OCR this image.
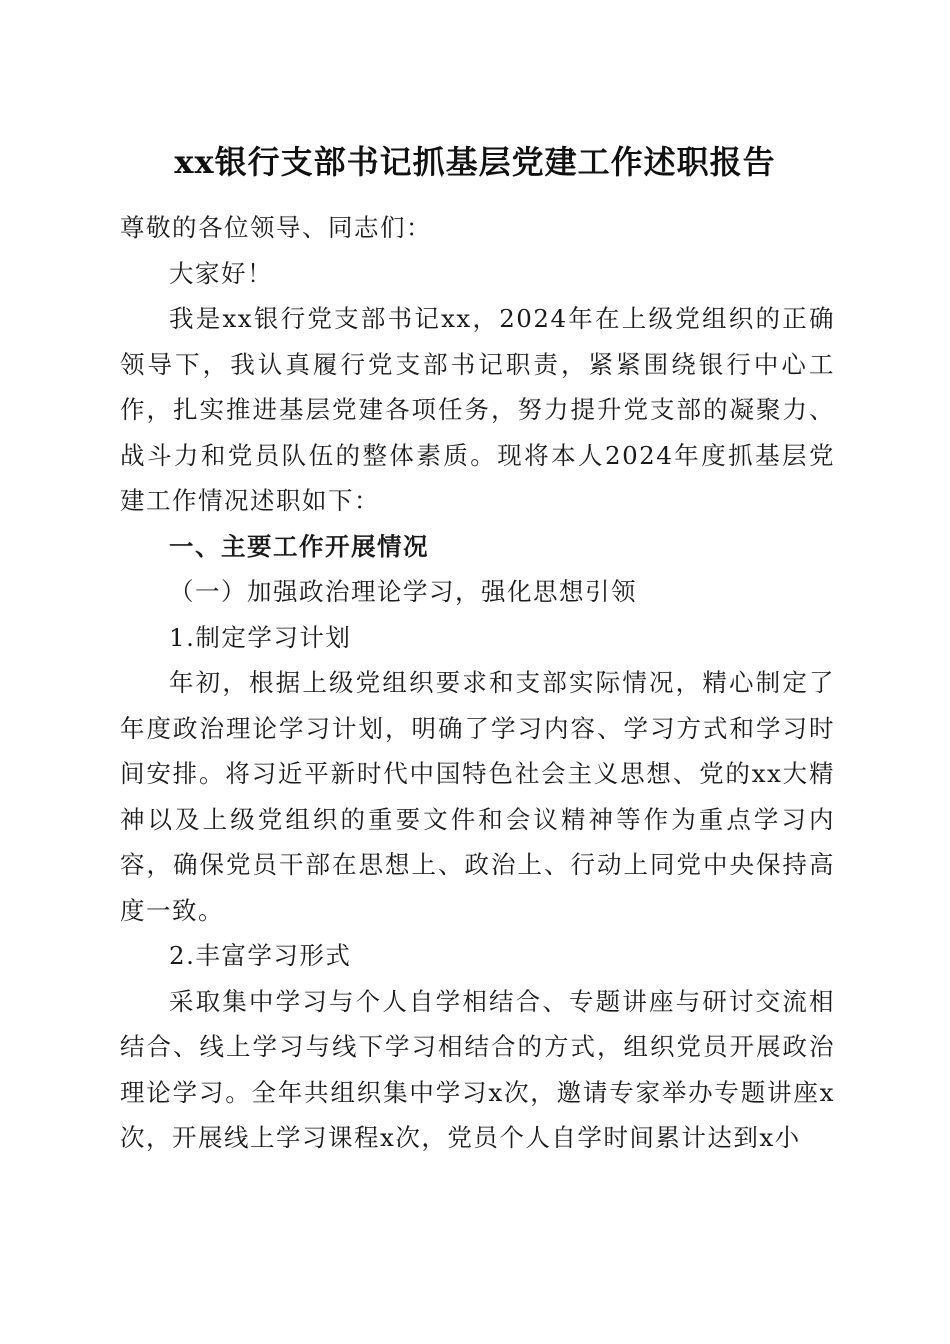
xx银行支部书记抓基层党建工作述职报告

尊敬的各位领导、同志们：

大家好！

我是xx银行党支部书记xx，2024年在上级党组织的正确领导下，我认真履行党支部书记职责，紧紧围绕银行中心工作，扎实推进基层党建各项任务，努力提升党支部的凝聚力、战斗力和党员队伍的整体素质。现将本人2024年度抓基层党建工作情况述职如下：

一、主要工作开展情况

（一）加强政治理论学习，强化思想引领

1.制定学习计划

年初，根据上级党组织要求和支部实际情况，精心制定了年度政治理论学习计划，明确了学习内容、学习方式和学习时间安排。将习近平新时代中国特色社会主义思想、党的xx大精神以及上级党组织的重要文件和会议精神等作为重点学习内容，确保党员干部在思想上、政治上、行动上同党中央保持高度一致。

2.丰富学习形式

采取集中学习与个人自学相结合、专题讲座与研讨交流相结合、线上学习与线下学习相结合的方式，组织党员开展政治理论学习。全年共组织集中学习x次，邀请专家举办专题讲座x次，开展线上学习课程x次，党员个人自学时间累计达到x小
